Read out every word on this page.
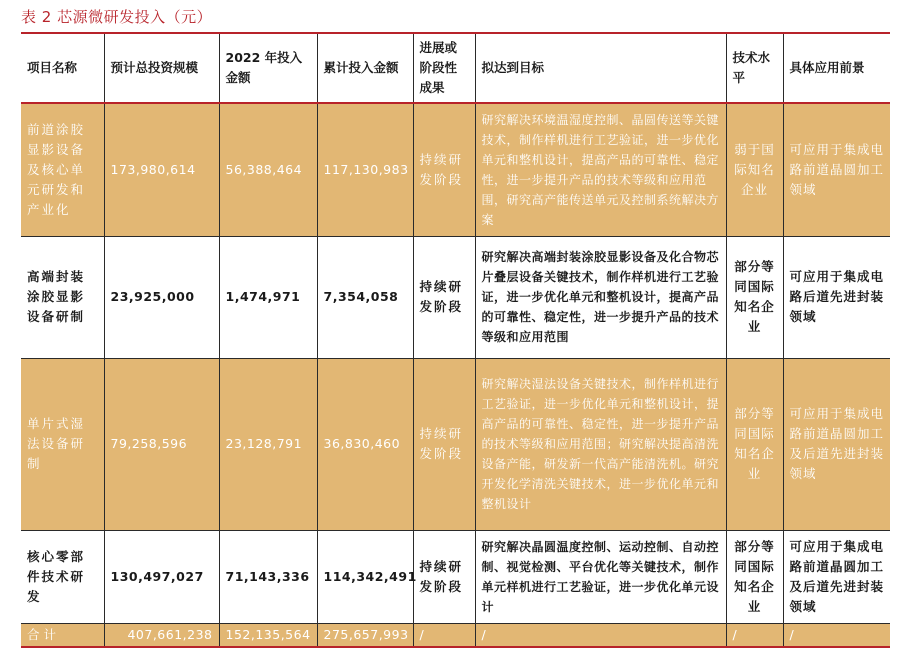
表 2 芯源微研发投入（元）
项目名称	预计总投资规模	2022 年投入金额	累计投入金额	进展或阶段性成果	拟达到目标	技术水平	具体应用前景
前道涂胶显影设备及核心单元研发和产业化	173,980,614	56,388,464	117,130,983	持续研发阶段	研究解决环境温湿度控制、晶圆传送等关键技术，制作样机进行工艺验证，进一步优化单元和整机设计，提高产品的可靠性、稳定性，进一步提升产品的技术等级和应用范围，研究高产能传送单元及控制系统解决方案	弱于国际知名企业	可应用于集成电路前道晶圆加工领域
高端封装涂胶显影设备研制	23,925,000	1,474,971	7,354,058	持续研发阶段	研究解决高端封装涂胶显影设备及化合物芯片叠层设备关键技术，制作样机进行工艺验证，进一步优化单元和整机设计，提高产品的可靠性、稳定性，进一步提升产品的技术等级和应用范围	部分等同国际知名企业	可应用于集成电路后道先进封装领域
单片式湿法设备研制	79,258,596	23,128,791	36,830,460	持续研发阶段	研究解决湿法设备关键技术，制作样机进行工艺验证，进一步优化单元和整机设计，提高产品的可靠性、稳定性，进一步提升产品的技术等级和应用范围；研究解决提高清洗设备产能，研发新一代高产能清洗机。研究开发化学清洗关键技术，进一步优化单元和整机设计	部分等同国际知名企业	可应用于集成电路前道晶圆加工及后道先进封装领域
核心零部件技术研发	130,497,027	71,143,336	114,342,491	持续研发阶段	研究解决晶圆温度控制、运动控制、自动控制、视觉检测、平台优化等关键技术，制作单元样机进行工艺验证，进一步优化单元设计	部分等同国际知名企业	可应用于集成电路前道晶圆加工及后道先进封装领域
合 计	407,661,238	152,135,564	275,657,993	/	/	/	/
